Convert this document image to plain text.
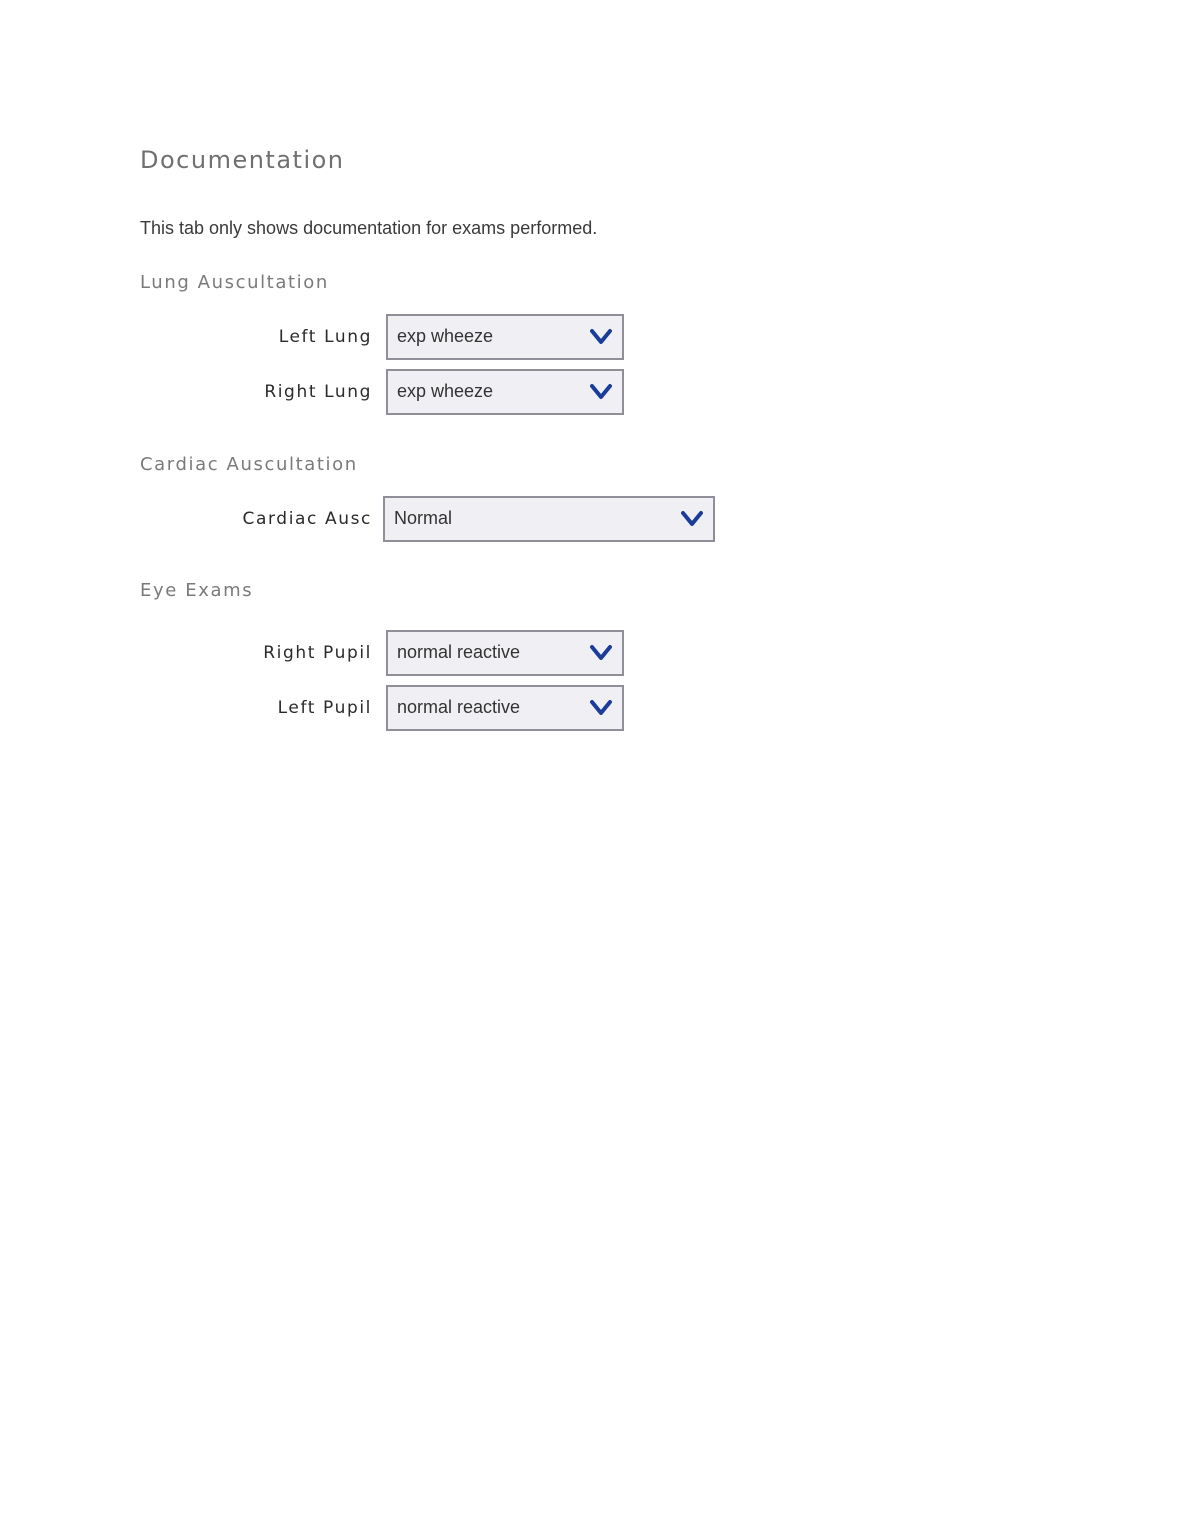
Documentation

This tab only shows documentation for exams performed.

Lung Auscultation
Left Lung exp wheeze
Right Lung exp wheeze
Cardiac Auscultation
Cardiac Ausc Normal
Eye Exams
Right Pupil normal reactive
Left Pupil normal reactive
